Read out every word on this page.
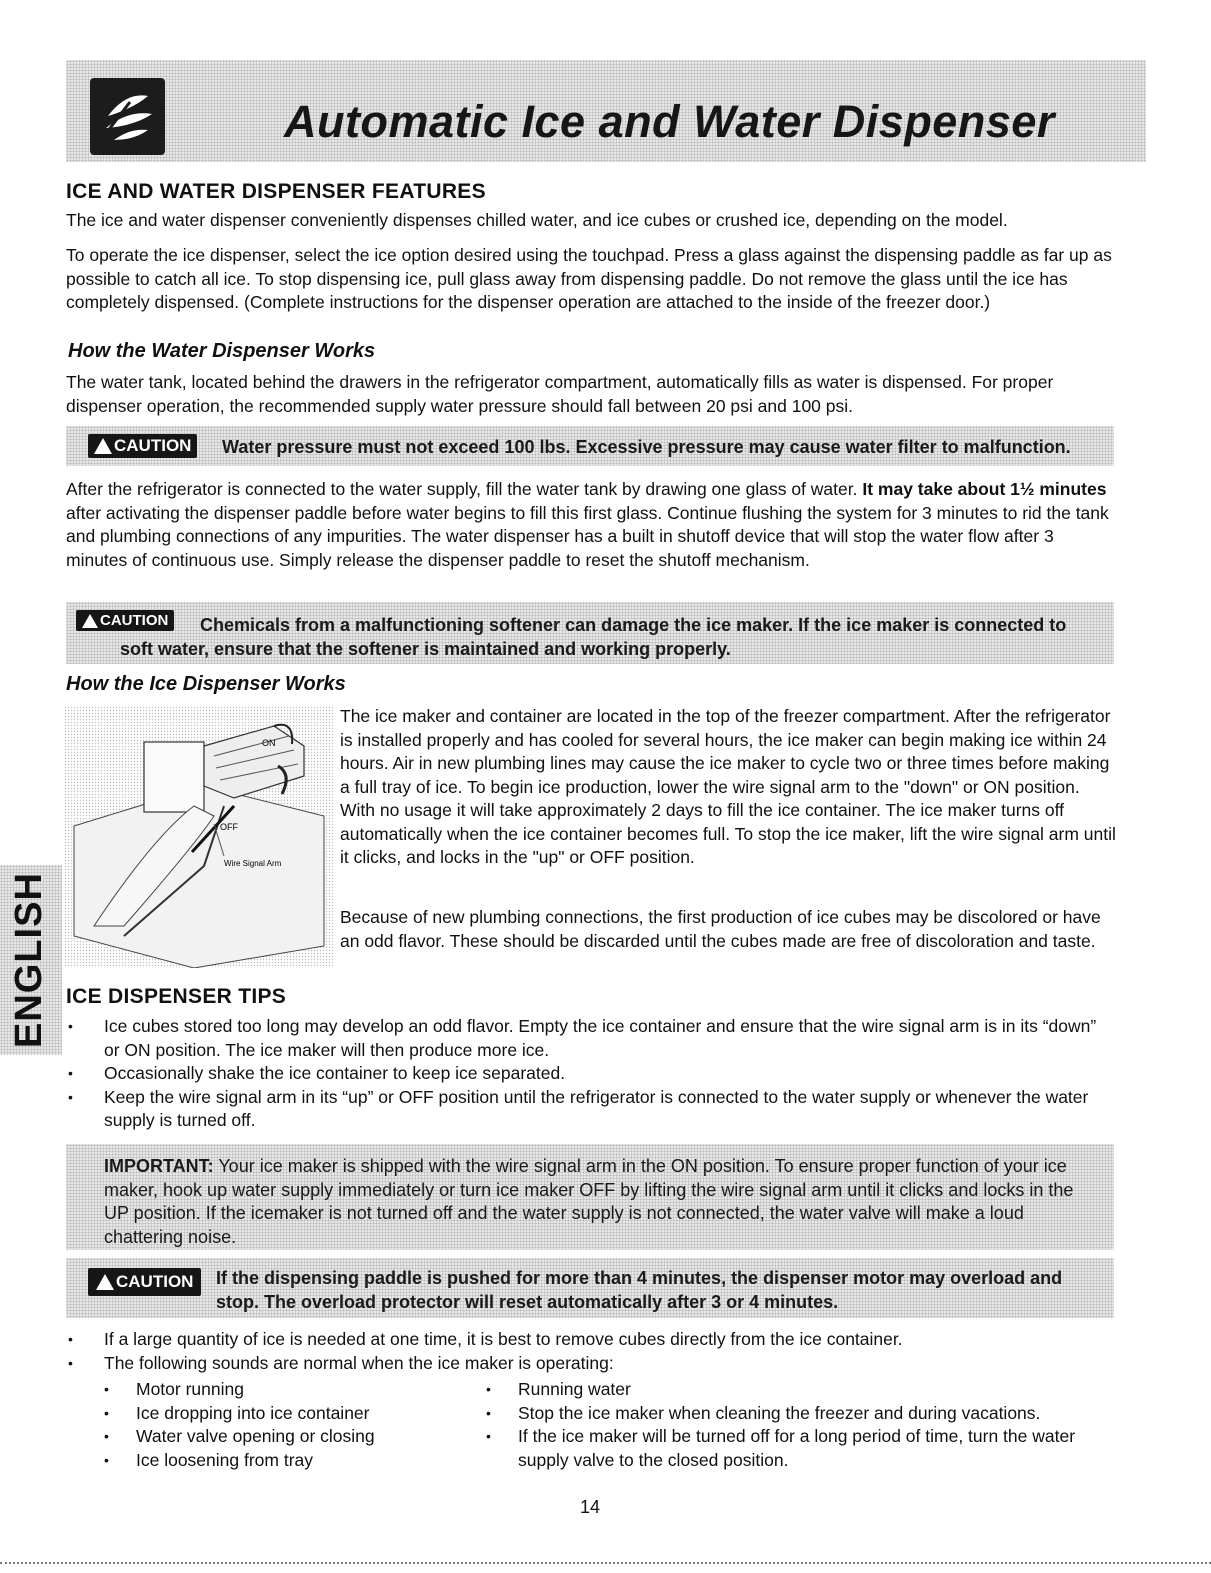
Automatic Ice and Water Dispenser
ENGLISH
ICE AND WATER DISPENSER FEATURES
The ice and water dispenser conveniently dispenses chilled water, and ice cubes or crushed ice, depending on the model.
To operate the ice dispenser, select the ice option desired using the touchpad. Press a glass against the dispensing paddle as far up as possible to catch all ice. To stop dispensing ice, pull glass away from dispensing paddle. Do not remove the glass until the ice has completely dispensed. (Complete instructions for the dispenser operation are attached to the inside of the freezer door.)
How the Water Dispenser Works
The water tank, located behind the drawers in the refrigerator compartment, automatically fills as water is dispensed. For proper dispenser operation, the recommended supply water pressure should fall between 20 psi and 100 psi.
CAUTION Water pressure must not exceed 100 lbs. Excessive pressure may cause water filter to malfunction.
After the refrigerator is connected to the water supply, fill the water tank by drawing one glass of water. It may take about 1½ minutes after activating the dispenser paddle before water begins to fill this first glass. Continue flushing the system for 3 minutes to rid the tank and plumbing connections of any impurities. The water dispenser has a built in shutoff device that will stop the water flow after 3 minutes of continuous use. Simply release the dispenser paddle to reset the shutoff mechanism.
CAUTION	Chemicals from a malfunctioning softener can damage the ice maker. If the ice maker is connected to soft water, ensure that the softener is maintained and working properly.
How the Ice Dispenser Works
ON
OFF
Wire Signal Arm
The ice maker and container are located in the top of the freezer compartment. After the refrigerator is installed properly and has cooled for several hours, the ice maker can begin making ice within 24 hours. Air in new plumbing lines may cause the ice maker to cycle two or three times before making a full tray of ice. To begin ice production, lower the wire signal arm to the "down" or ON position. With no usage it will take approximately 2 days to fill the ice container. The ice maker turns off automatically when the ice container becomes full. To stop the ice maker, lift the wire signal arm until it clicks, and locks in the "up" or OFF position.
Because of new plumbing connections, the first production of ice cubes may be discolored or have an odd flavor. These should be discarded until the cubes made are free of discoloration and taste.
ICE DISPENSER TIPS
• Ice cubes stored too long may develop an odd flavor. Empty the ice container and ensure that the wire signal arm is in its “down” or ON position. The ice maker will then produce more ice.
• Occasionally shake the ice container to keep ice separated.
• Keep the wire signal arm in its “up” or OFF position until the refrigerator is connected to the water supply or whenever the water supply is turned off.
IMPORTANT: Your ice maker is shipped with the wire signal arm in the ON position. To ensure proper function of your ice maker, hook up water supply immediately or turn ice maker OFF by lifting the wire signal arm until it clicks and locks in the UP position. If the icemaker is not turned off and the water supply is not connected, the water valve will make a loud chattering noise.
CAUTION If the dispensing paddle is pushed for more than 4 minutes, the dispenser motor may overload and stop. The overload protector will reset automatically after 3 or 4 minutes.
• If a large quantity of ice is needed at one time, it is best to remove cubes directly from the ice container.
• The following sounds are normal when the ice maker is operating:
• Motor running
• Ice dropping into ice container
• Water valve opening or closing
• Ice loosening from tray
• Running water
• Stop the ice maker when cleaning the freezer and during vacations.
• If the ice maker will be turned off for a long period of time, turn the water supply valve to the closed position.
14
